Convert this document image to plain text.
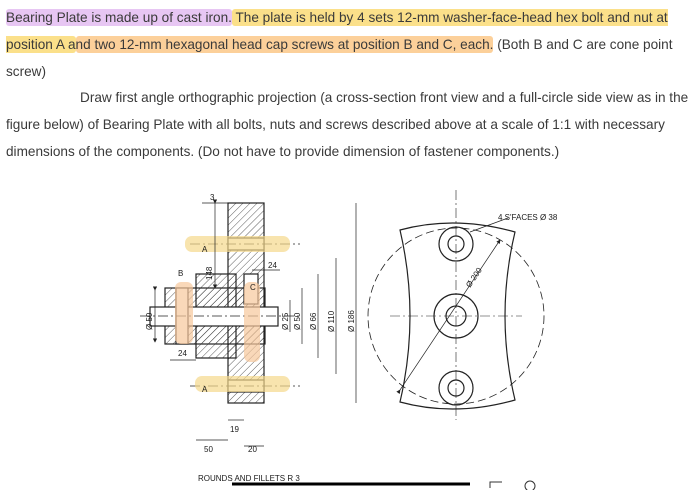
Bearing Plate is made up of cast iron. The plate is held by 4 sets 12-mm washer-face-head hex bolt and nut at position A and two 12-mm hexagonal head cap screws at position B and C, each. (Both B and C are cone point screw)

Draw first angle orthographic projection (a cross-section front view and a full-circle side view as in the figure below) of Bearing Plate with all bolts, nuts and screws described above at a scale of 1:1 with necessary dimensions of the components. (Do not have to provide dimension of fastener components.)

A
A
B
C
3
24
24
19
50	20
148
Ø 50	Ø 25 Ø 50 Ø 66 Ø 110 Ø 186
4 S'FACES Ø 38
Ø 200
ROUNDS AND FILLETS R 3
